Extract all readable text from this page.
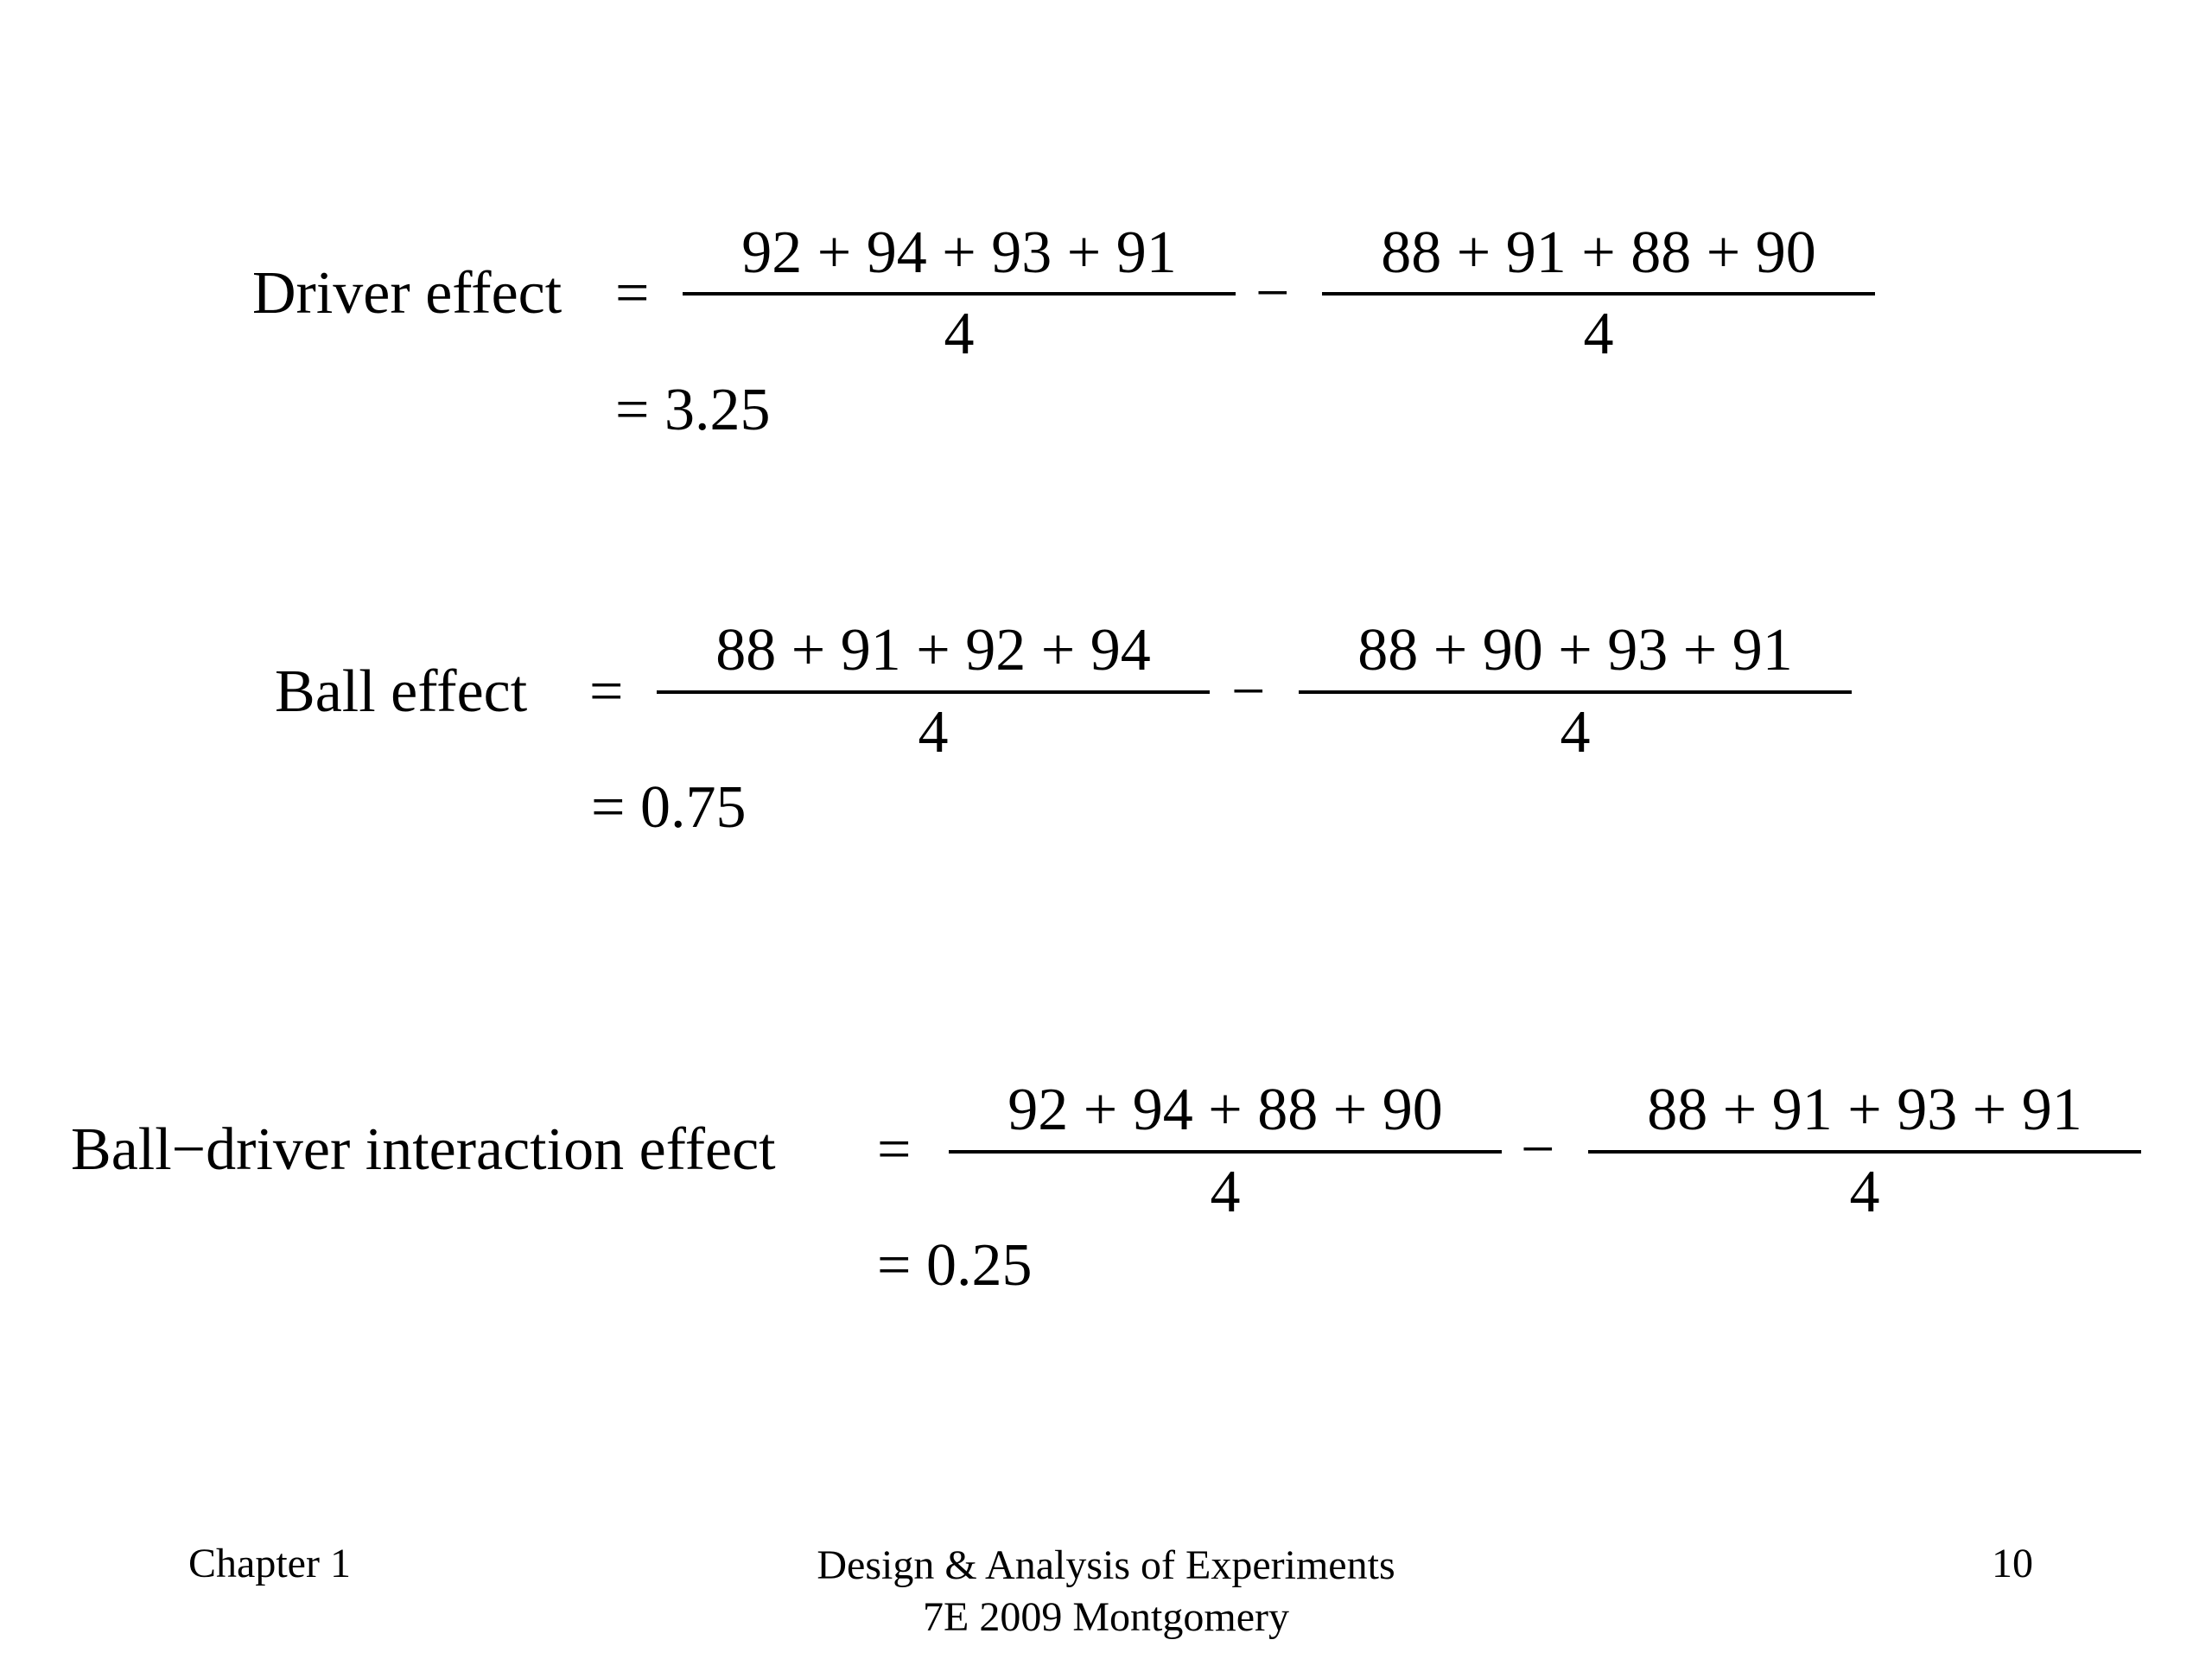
Driver effect =
92 + 94 + 93 + 91
4
−
88 + 91 + 88 + 90
4
= 3.25
Ball effect =
88 + 91 + 92 + 94
4
−
88 + 90 + 93 + 91
4
= 0.75
Ball−driver interaction effect =
92 + 94 + 88 + 90
4
−
88 + 91 + 93 + 91
4
= 0.25
Chapter 1	Design & Analysis of Experiments
7E 2009 Montgomery
10
